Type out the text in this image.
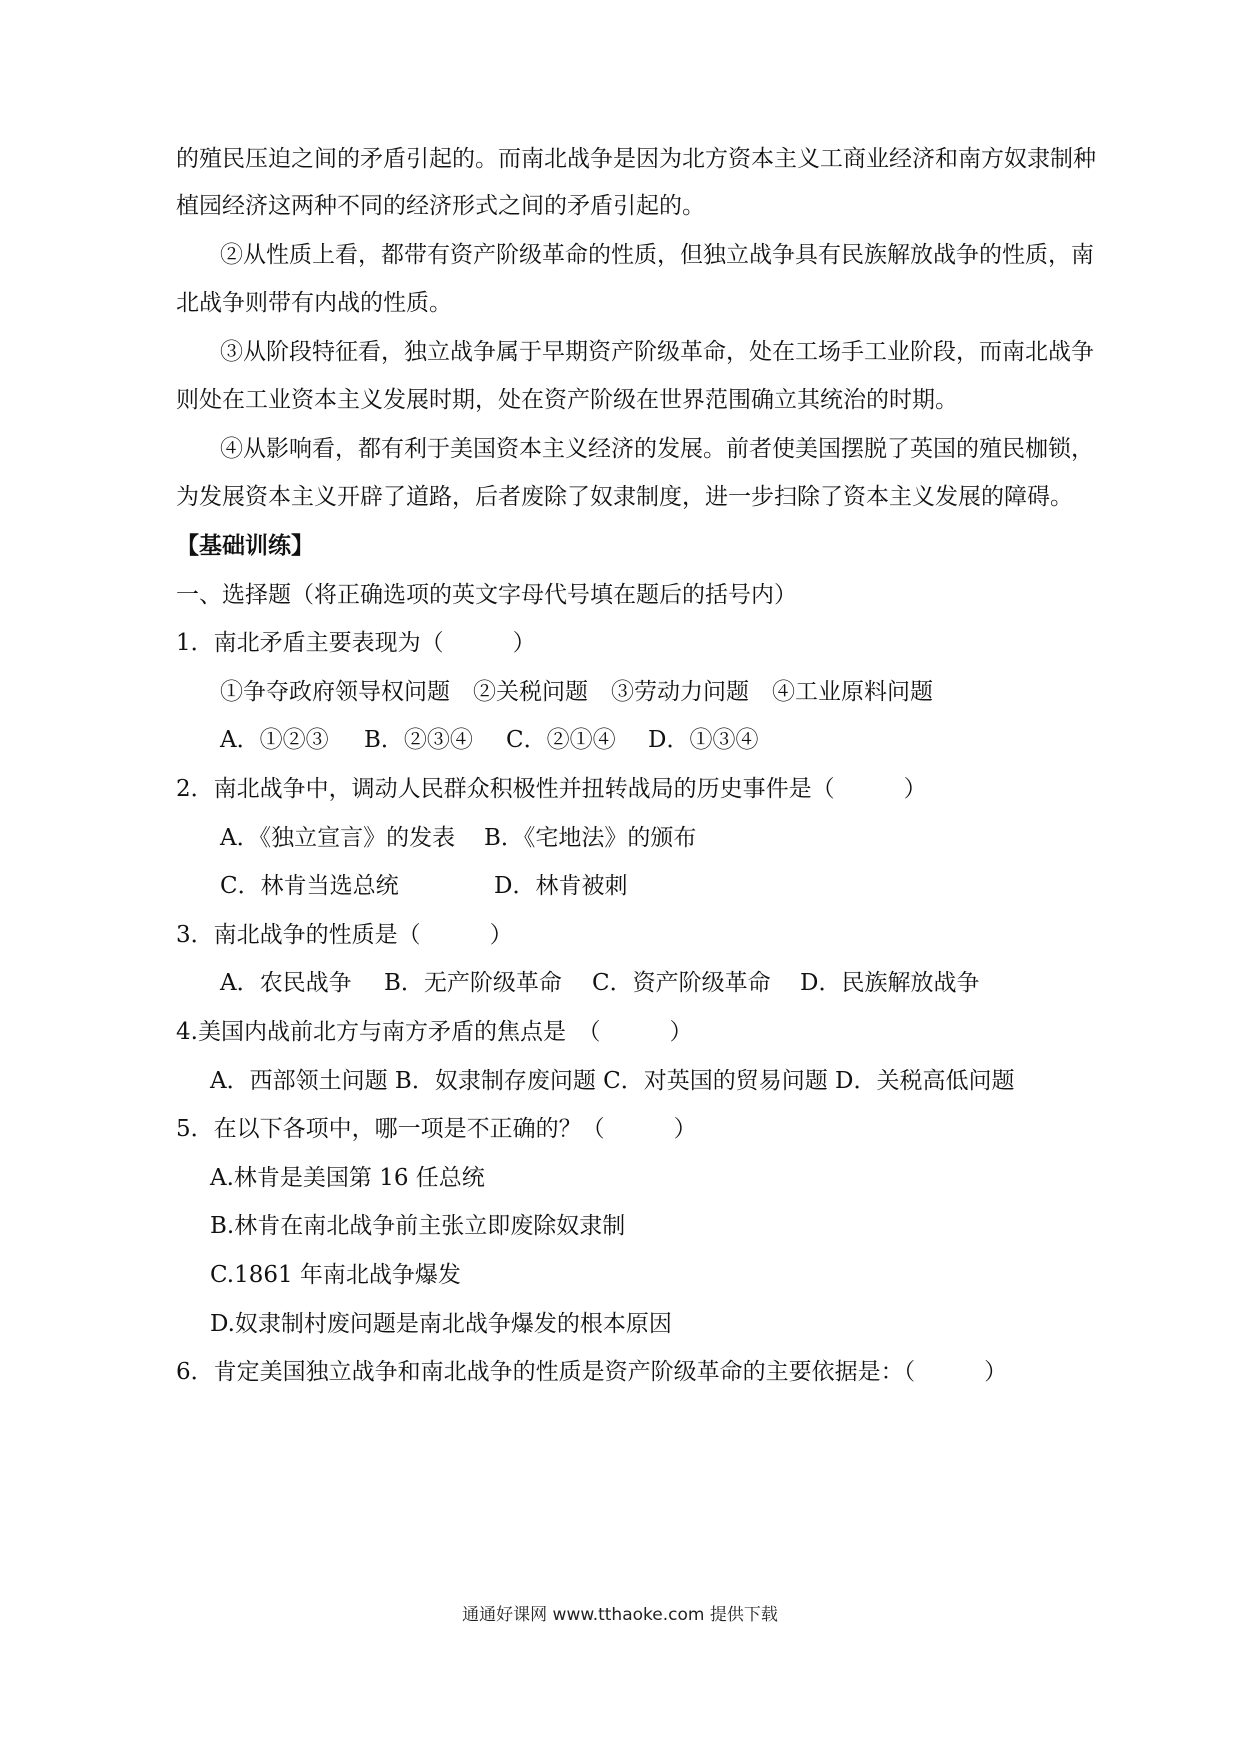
的殖民压迫之间的矛盾引起的。而南北战争是因为北方资本主义工商业经济和南方奴隶制种
植园经济这两种不同的经济形式之间的矛盾引起的。
②从性质上看，都带有资产阶级革命的性质，但独立战争具有民族解放战争的性质，南
北战争则带有内战的性质。
③从阶段特征看，独立战争属于早期资产阶级革命，处在工场手工业阶段，而南北战争
则处在工业资本主义发展时期，处在资产阶级在世界范围确立其统治的时期。
④从影响看，都有利于美国资本主义经济的发展。前者使美国摆脱了英国的殖民枷锁，
为发展资本主义开辟了道路，后者废除了奴隶制度，进一步扫除了资本主义发展的障碍。
【基础训练】
一、选择题（将正确选项的英文字母代号填在题后的括号内）
1．南北矛盾主要表现为（　　　）
①争夺政府领导权问题　②关税问题　③劳动力问题　④工业原料问题
A．①②③ B．②③④ C．②①④ D．①③④
2．南北战争中，调动人民群众积极性并扭转战局的历史事件是（　　　）
A．《独立宣言》的发表 B．《宅地法》的颁布
C．林肯当选总统	D．林肯被刺
3．南北战争的性质是（　　　）
A．农民战争 B．无产阶级革命 C．资产阶级革命 D．民族解放战争
4.美国内战前北方与南方矛盾的焦点是　（　　　）
A．西部领土问题 B．奴隶制存废问题 C．对英国的贸易问题 D．关税高低问题
5．在以下各项中，哪一项是不正确的？（　　　）
A.林肯是美国第 16 任总统
B.林肯在南北战争前主张立即废除奴隶制
C.1861 年南北战争爆发
D.奴隶制村废问题是南北战争爆发的根本原因
6．肯定美国独立战争和南北战争的性质是资产阶级革命的主要依据是：（　　　）
通通好课网 www.tthaoke.com 提供下载
